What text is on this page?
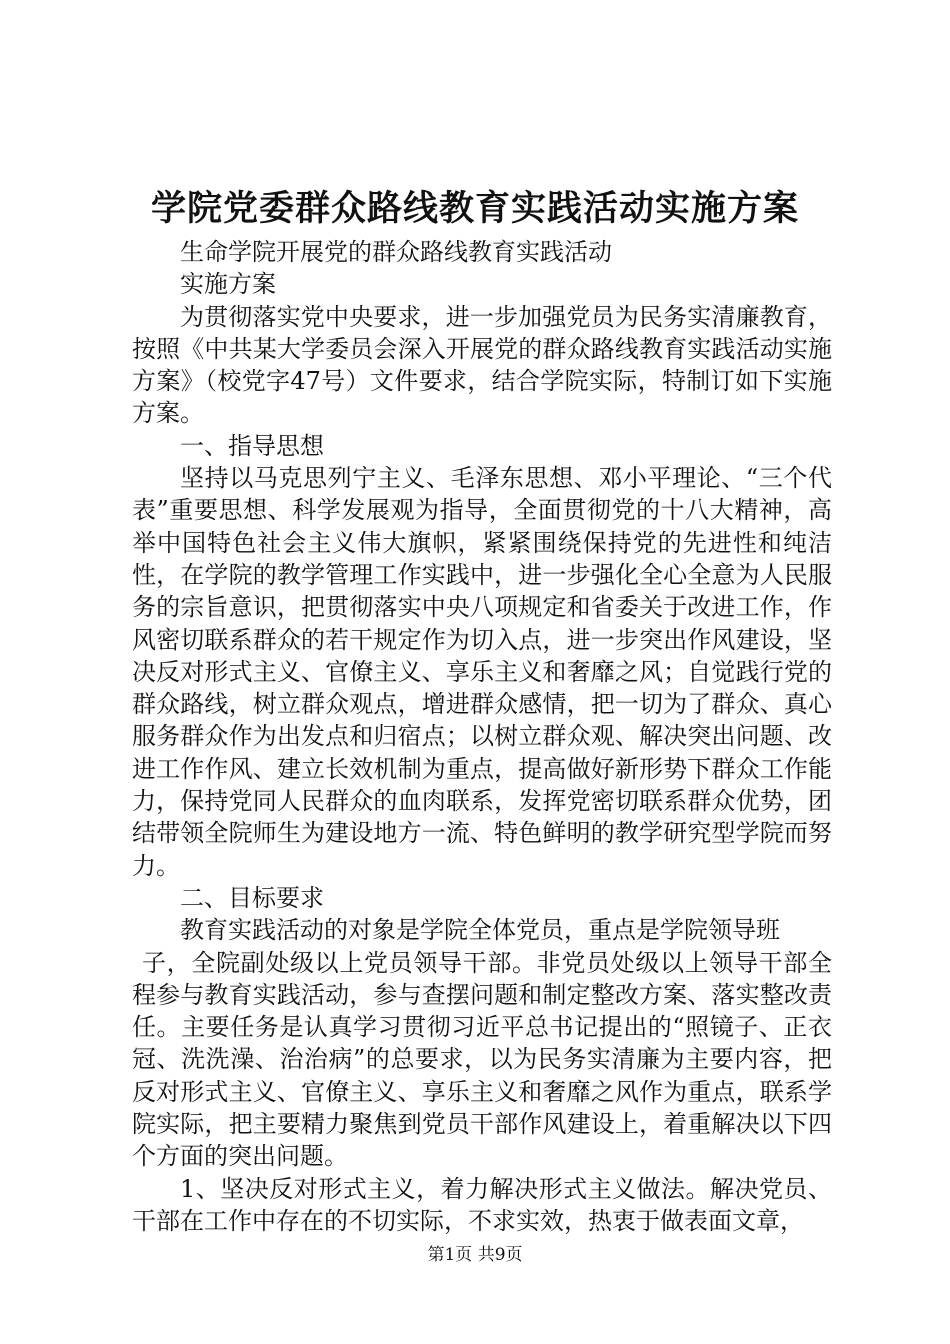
学院党委群众路线教育实践活动实施方案

生命学院开展党的群众路线教育实践活动

实施方案

为贯彻落实党中央要求，进一步加强党员为民务实清廉教育，按照《中共某大学委员会深入开展党的群众路线教育实践活动实施方案》（校党字47号）文件要求，结合学院实际，特制订如下实施方案。

一、指导思想

坚持以马克思列宁主义、毛泽东思想、邓小平理论、“三个代表”重要思想、科学发展观为指导，全面贯彻党的十八大精神，高举中国特色社会主义伟大旗帜，紧紧围绕保持党的先进性和纯洁性，在学院的教学管理工作实践中，进一步强化全心全意为人民服务的宗旨意识，把贯彻落实中央八项规定和省委关于改进工作，作风密切联系群众的若干规定作为切入点，进一步突出作风建设，坚决反对形式主义、官僚主义、享乐主义和奢靡之风；自觉践行党的群众路线，树立群众观点，增进群众感情，把一切为了群众、真心服务群众作为出发点和归宿点；以树立群众观、解决突出问题、改进工作作风、建立长效机制为重点，提高做好新形势下群众工作能力，保持党同人民群众的血肉联系，发挥党密切联系群众优势，团结带领全院师生为建设地方一流、特色鲜明的教学研究型学院而努力。

二、目标要求

教育实践活动的对象是学院全体党员，重点是学院领导班

子，全院副处级以上党员领导干部。非党员处级以上领导干部全程参与教育实践活动，参与查摆问题和制定整改方案、落实整改责任。主要任务是认真学习贯彻习近平总书记提出的“照镜子、正衣冠、洗洗澡、治治病”的总要求，以为民务实清廉为主要内容，把反对形式主义、官僚主义、享乐主义和奢靡之风作为重点，联系学院实际，把主要精力聚焦到党员干部作风建设上，着重解决以下四个方面的突出问题。

1、坚决反对形式主义，着力解决形式主义做法。解决党员、干部在工作中存在的不切实际，不求实效，热衷于做表面文章，

第1页 共9页
